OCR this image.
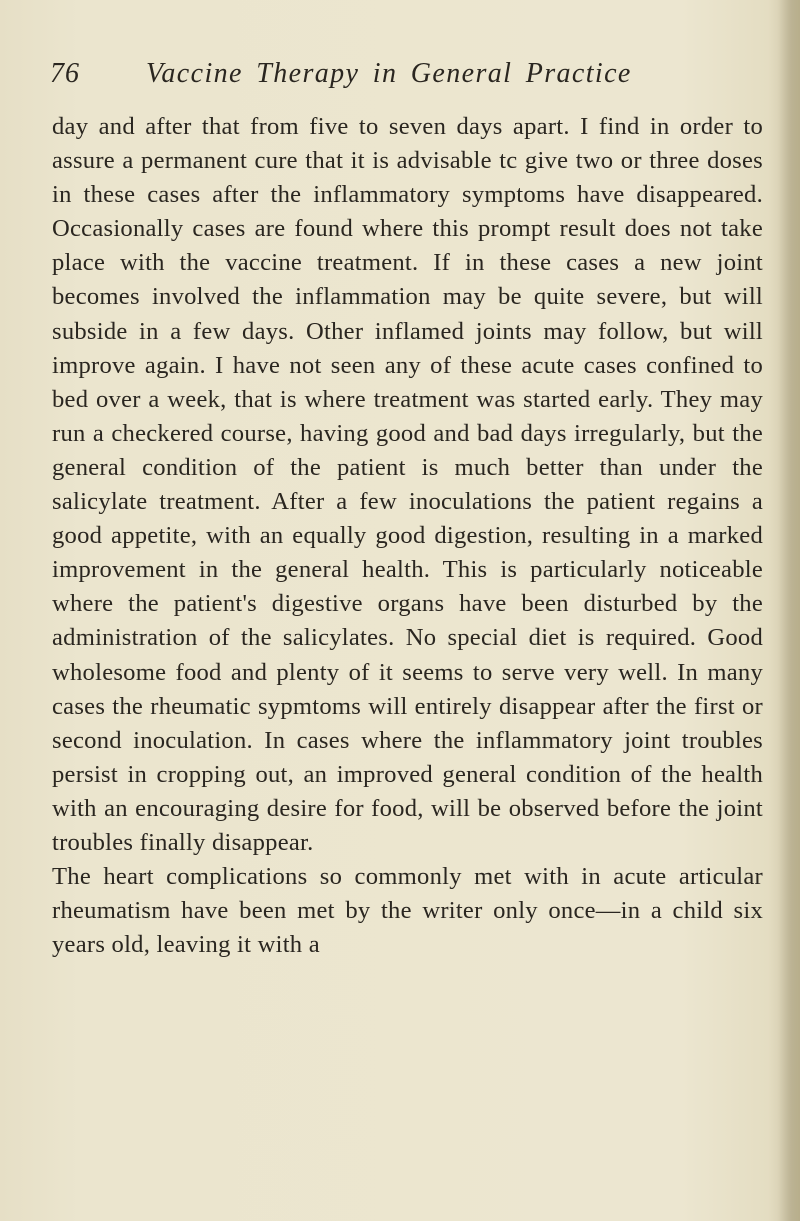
76 Vaccine Therapy in General Practice

day and after that from five to seven days apart. I find in order to assure a permanent cure that it is advisable tc give two or three doses in these cases after the inflammatory symptoms have disappeared. Occasionally cases are found where this prompt result does not take place with the vaccine treatment. If in these cases a new joint becomes involved the inflammation may be quite severe, but will subside in a few days. Other inflamed joints may follow, but will improve again. I have not seen any of these acute cases confined to bed over a week, that is where treatment was started early. They may run a checkered course, having good and bad days irregularly, but the general condition of the patient is much better than under the salicylate treatment. After a few inoculations the patient regains a good appetite, with an equally good digestion, resulting in a marked improvement in the general health. This is particularly noticeable where the patient's digestive organs have been disturbed by the administration of the salicylates. No special diet is required. Good wholesome food and plenty of it seems to serve very well. In many cases the rheumatic sypmtoms will entirely disappear after the first or second inoculation. In cases where the inflammatory joint troubles persist in cropping out, an improved general condition of the health with an encouraging desire for food, will be observed before the joint troubles finally disappear.

The heart complications so commonly met with in acute articular rheumatism have been met by the writer only once—in a child six years old, leaving it with a
